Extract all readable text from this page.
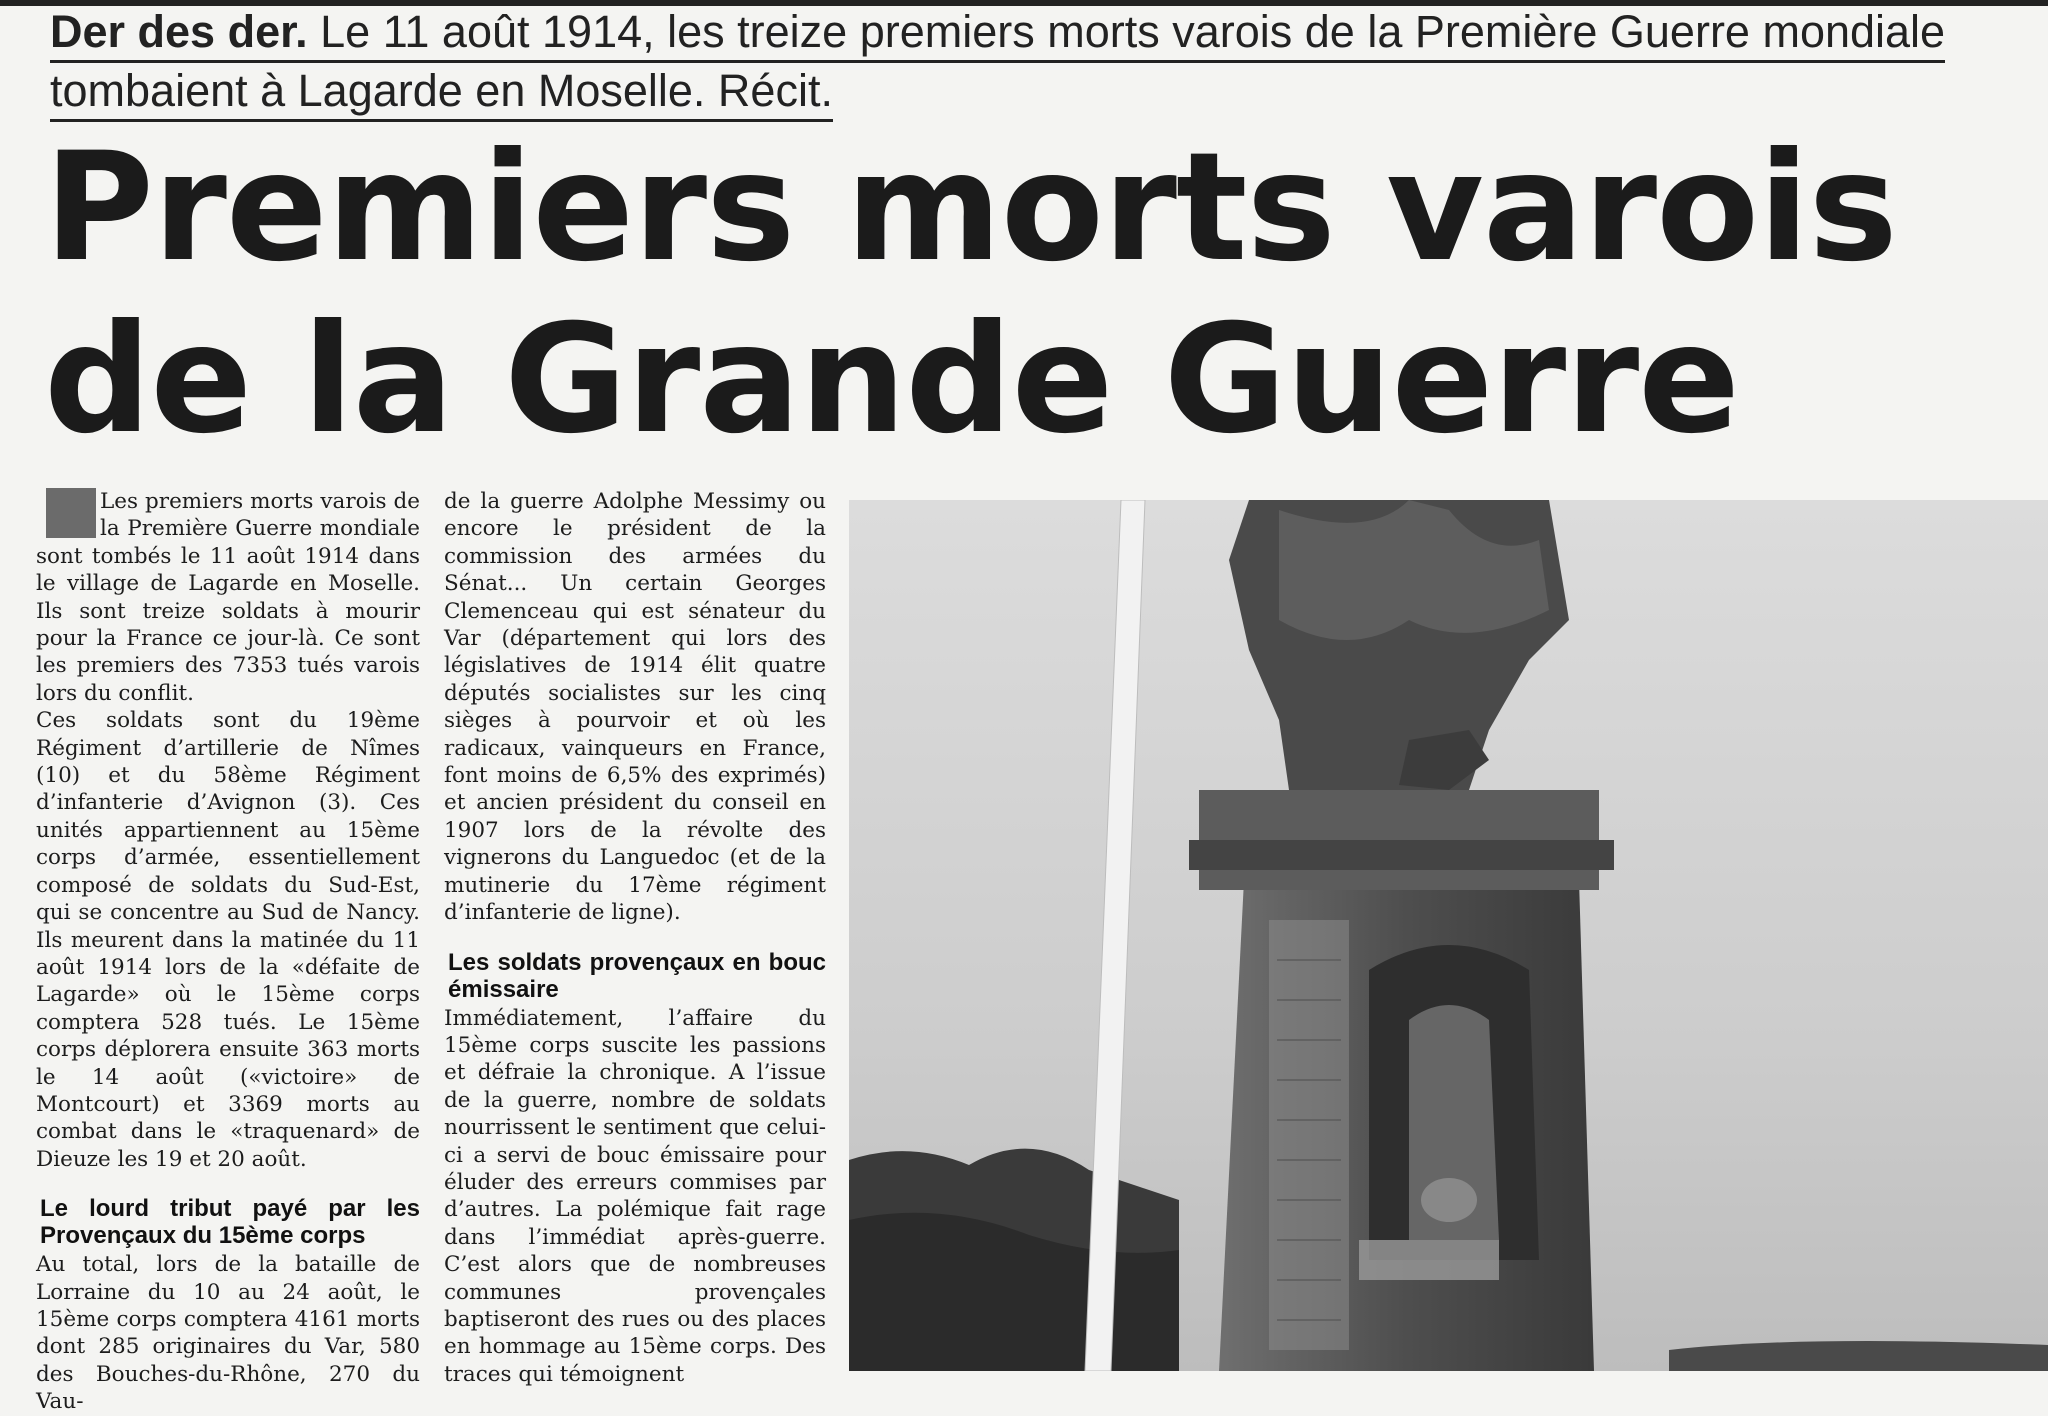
Der des der. Le 11 août 1914, les treize premiers morts varois de la Première Guerre mondiale
tombaient à Lagarde en Moselle. Récit.
Premiers morts varois
de la Grande Guerre

Les premiers morts varois de la Première Guerre mondiale sont tombés le 11 août 1914 dans le village de Lagarde en Moselle. Ils sont treize soldats à mourir pour la France ce jour-là. Ce sont les premiers des 7353 tués varois lors du conflit.

Ces soldats sont du 19ème Régiment d’artillerie de Nîmes (10) et du 58ème Régiment d’infanterie d’Avignon (3). Ces unités appartiennent au 15ème corps d’armée, essentiellement composé de soldats du Sud-Est, qui se concentre au Sud de Nancy. Ils meurent dans la matinée du 11 août 1914 lors de la «défaite de Lagarde» où le 15ème corps comptera 528 tués. Le 15ème corps déplorera ensuite 363 morts le 14 août («victoire» de Montcourt) et 3369 morts au combat dans le «traquenard» de Dieuze les 19 et 20 août.

Le lourd tribut payé par les Provençaux du 15ème corps

Au total, lors de la bataille de Lorraine du 10 au 24 août, le 15ème corps comptera 4161 morts dont 285 originaires du Var, 580 des Bouches-du-Rhône, 270 du Vau-

de la guerre Adolphe Messimy ou encore le président de la commission des armées du Sénat... Un certain Georges Clemenceau qui est sénateur du Var (département qui lors des législatives de 1914 élit quatre députés socialistes sur les cinq sièges à pourvoir et où les radicaux, vainqueurs en France, font moins de 6,5% des exprimés) et ancien président du conseil en 1907 lors de la révolte des vignerons du Languedoc (et de la mutinerie du 17ème régiment d’infanterie de ligne).

Les soldats provençaux en bouc émissaire

Immédiatement, l’affaire du 15ème corps suscite les passions et défraie la chronique. A l’issue de la guerre, nombre de soldats nourrissent le sentiment que celui-ci a servi de bouc émissaire pour éluder des erreurs commises par d’autres. La polémique fait rage dans l’immédiat après-guerre. C’est alors que de nombreuses communes provençales baptiseront des rues ou des places en hommage au 15ème corps. Des traces qui témoignent
